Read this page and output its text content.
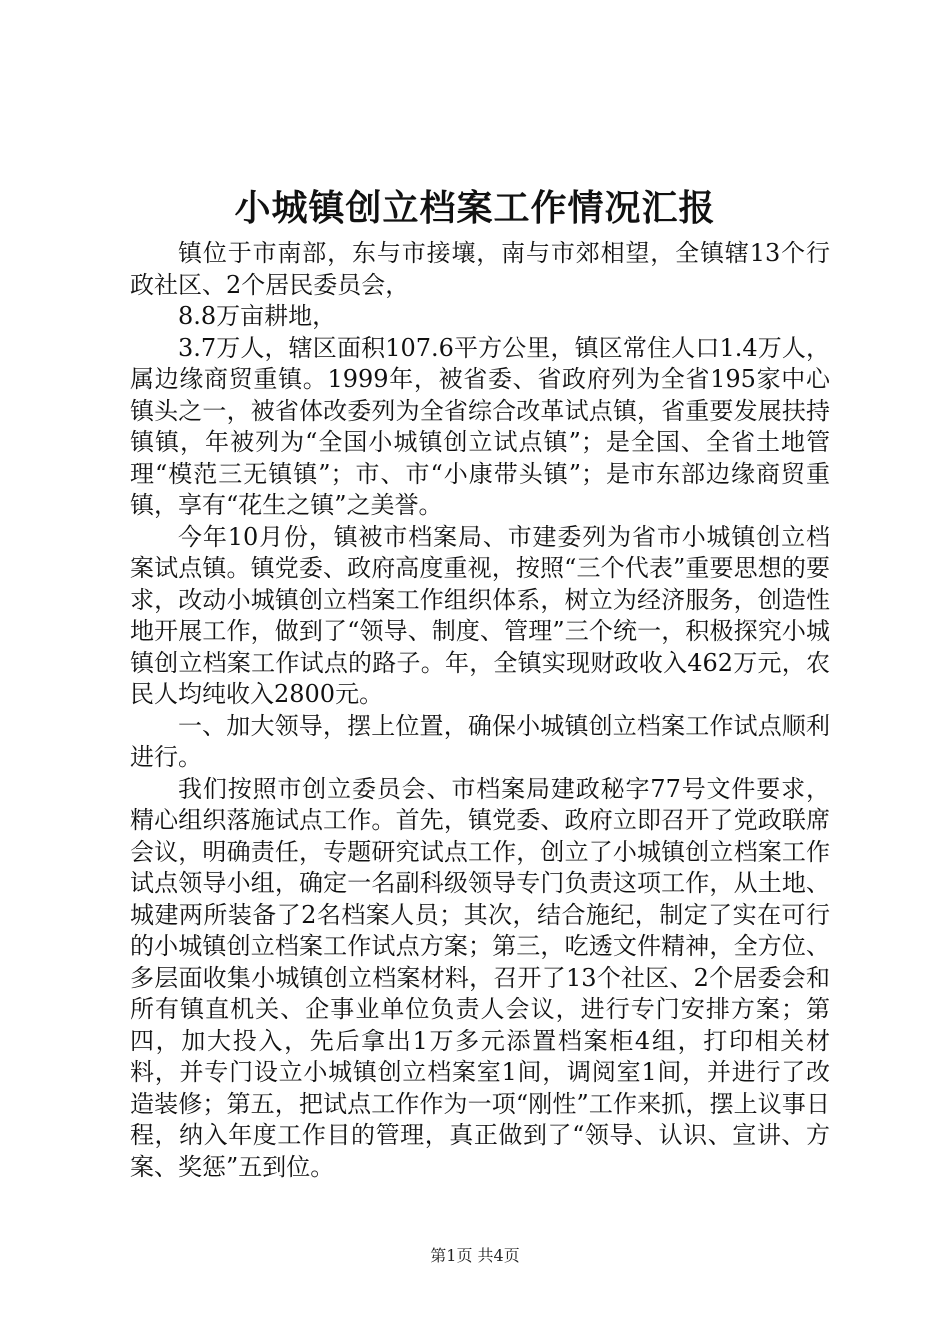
小城镇创立档案工作情况汇报

镇位于市南部，东与市接壤，南与市郊相望，全镇辖13个行政社区、2个居民委员会，

8.8万亩耕地，

3.7万人，辖区面积107.6平方公里，镇区常住人口1.4万人，属边缘商贸重镇。1999年，被省委、省政府列为全省195家中心镇头之一，被省体改委列为全省综合改革试点镇，省重要发展扶持镇镇，年被列为“全国小城镇创立试点镇”；是全国、全省土地管理“模范三无镇镇”；市、市“小康带头镇”；是市东部边缘商贸重镇，享有“花生之镇”之美誉。

今年10月份，镇被市档案局、市建委列为省市小城镇创立档案试点镇。镇党委、政府高度重视，按照“三个代表”重要思想的要求，改动小城镇创立档案工作组织体系，树立为经济服务，创造性地开展工作，做到了“领导、制度、管理”三个统一，积极探究小城镇创立档案工作试点的路子。年，全镇实现财政收入462万元，农民人均纯收入2800元。

一、加大领导，摆上位置，确保小城镇创立档案工作试点顺利进行。

我们按照市创立委员会、市档案局建政秘字77号文件要求，精心组织落施试点工作。首先，镇党委、政府立即召开了党政联席会议，明确责任，专题研究试点工作，创立了小城镇创立档案工作试点领导小组，确定一名副科级领导专门负责这项工作，从土地、城建两所装备了2名档案人员；其次，结合施纪，制定了实在可行的小城镇创立档案工作试点方案；第三，吃透文件精神，全方位、多层面收集小城镇创立档案材料，召开了13个社区、2个居委会和所有镇直机关、企事业单位负责人会议，进行专门安排方案；第四，加大投入，先后拿出1万多元添置档案柜4组，打印相关材料，并专门设立小城镇创立档案室1间，调阅室1间，并进行了改造装修；第五，把试点工作作为一项“刚性”工作来抓，摆上议事日程，纳入年度工作目的管理，真正做到了“领导、认识、宣讲、方案、奖惩”五到位。

第1页 共4页
